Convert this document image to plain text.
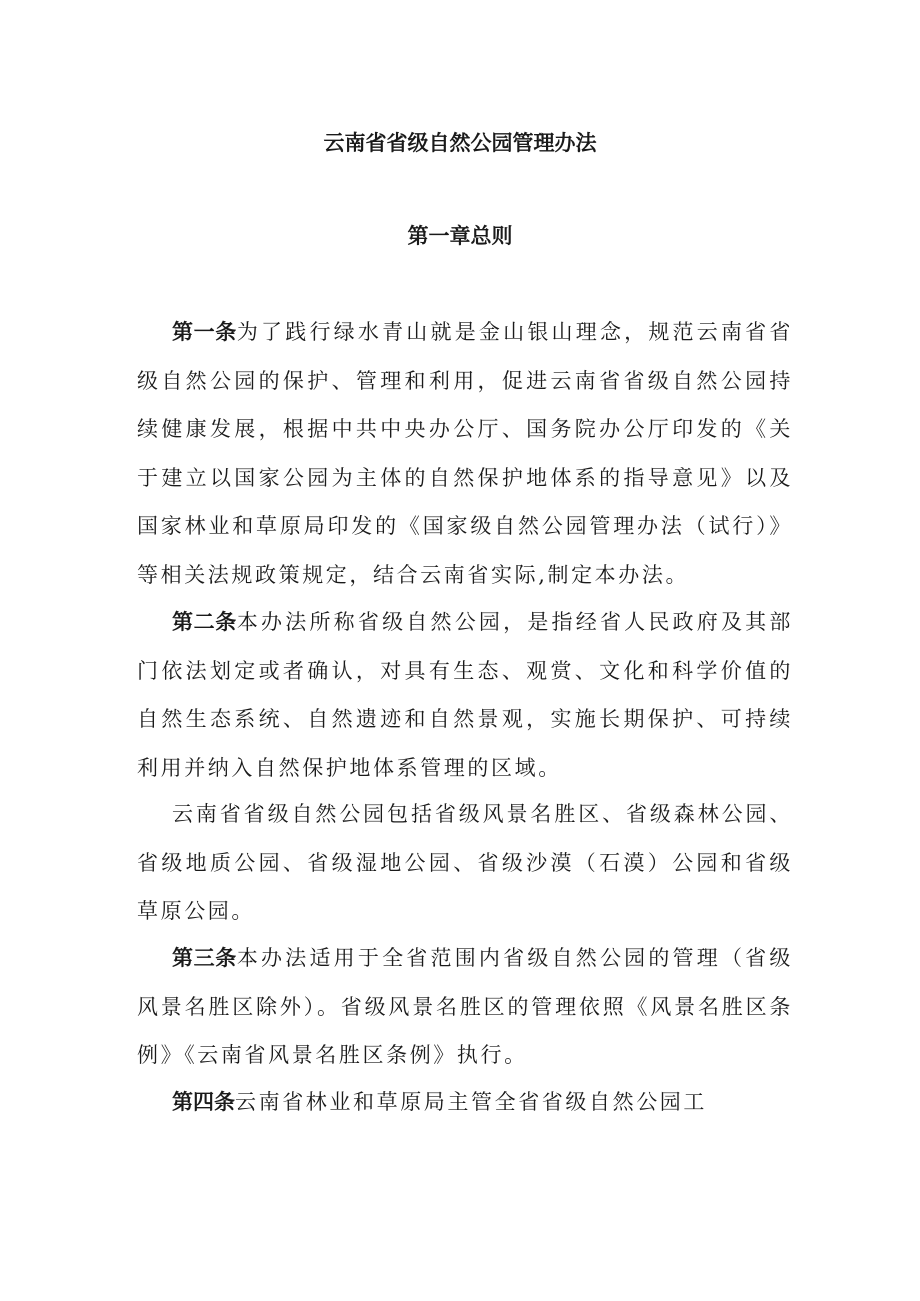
云南省省级自然公园管理办法
第一章总则

第一条为了践行绿水青山就是金山银山理念，规范云南省省级自然公园的保护、管理和利用，促进云南省省级自然公园持续健康发展，根据中共中央办公厅、国务院办公厅印发的《关于建立以国家公园为主体的自然保护地体系的指导意见》以及国家林业和草原局印发的《国家级自然公园管理办法（试行）》等相关法规政策规定，结合云南省实际,制定本办法。

第二条本办法所称省级自然公园，是指经省人民政府及其部门依法划定或者确认，对具有生态、观赏、文化和科学价值的自然生态系统、自然遗迹和自然景观，实施长期保护、可持续利用并纳入自然保护地体系管理的区域。

云南省省级自然公园包括省级风景名胜区、省级森林公园、省级地质公园、省级湿地公园、省级沙漠（石漠）公园和省级草原公园。

第三条本办法适用于全省范围内省级自然公园的管理（省级风景名胜区除外）。省级风景名胜区的管理依照《风景名胜区条例》《云南省风景名胜区条例》执行。

第四条云南省林业和草原局主管全省省级自然公园工
